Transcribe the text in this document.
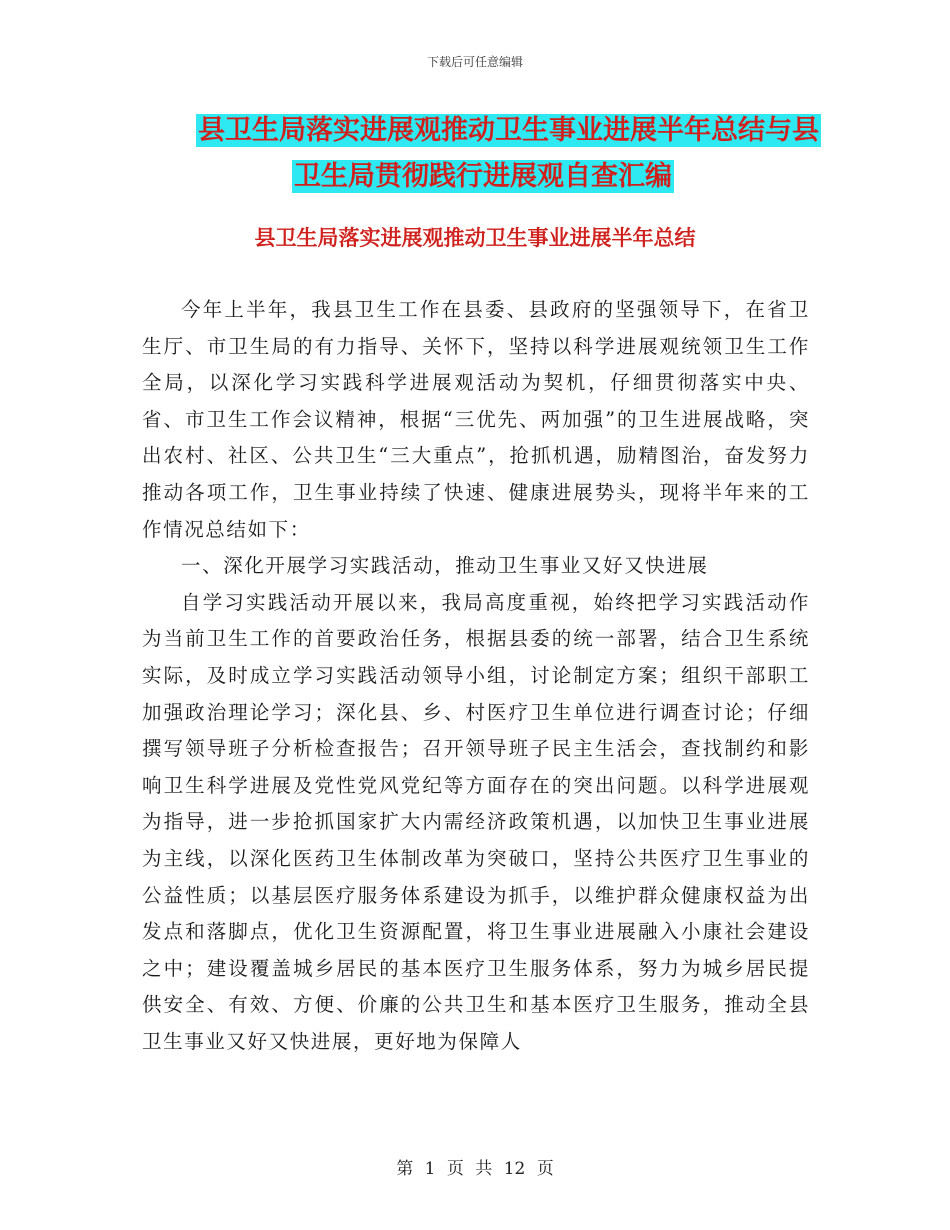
下载后可任意编辑
县卫生局落实进展观推动卫生事业进展半年总结与县
卫生局贯彻践行进展观自查汇编
县卫生局落实进展观推动卫生事业进展半年总结

今年上半年，我县卫生工作在县委、县政府的坚强领导下，在省卫生厅、市卫生局的有力指导、关怀下，坚持以科学进展观统领卫生工作全局，以深化学习实践科学进展观活动为契机，仔细贯彻落实中央、省、市卫生工作会议精神，根据“三优先、两加强”的卫生进展战略，突出农村、社区、公共卫生“三大重点”，抢抓机遇，励精图治，奋发努力推动各项工作，卫生事业持续了快速、健康进展势头，现将半年来的工作情况总结如下：

一、深化开展学习实践活动，推动卫生事业又好又快进展

自学习实践活动开展以来，我局高度重视，始终把学习实践活动作为当前卫生工作的首要政治任务，根据县委的统一部署，结合卫生系统实际，及时成立学习实践活动领导小组，讨论制定方案；组织干部职工加强政治理论学习；深化县、乡、村医疗卫生单位进行调查讨论；仔细撰写领导班子分析检查报告；召开领导班子民主生活会，查找制约和影响卫生科学进展及党性党风党纪等方面存在的突出问题。以科学进展观为指导，进一步抢抓国家扩大内需经济政策机遇，以加快卫生事业进展为主线，以深化医药卫生体制改革为突破口，坚持公共医疗卫生事业的公益性质；以基层医疗服务体系建设为抓手，以维护群众健康权益为出发点和落脚点，优化卫生资源配置，将卫生事业进展融入小康社会建设之中；建设覆盖城乡居民的基本医疗卫生服务体系，努力为城乡居民提供安全、有效、方便、价廉的公共卫生和基本医疗卫生服务，推动全县卫生事业又好又快进展，更好地为保障人

第 1 页 共 12 页
